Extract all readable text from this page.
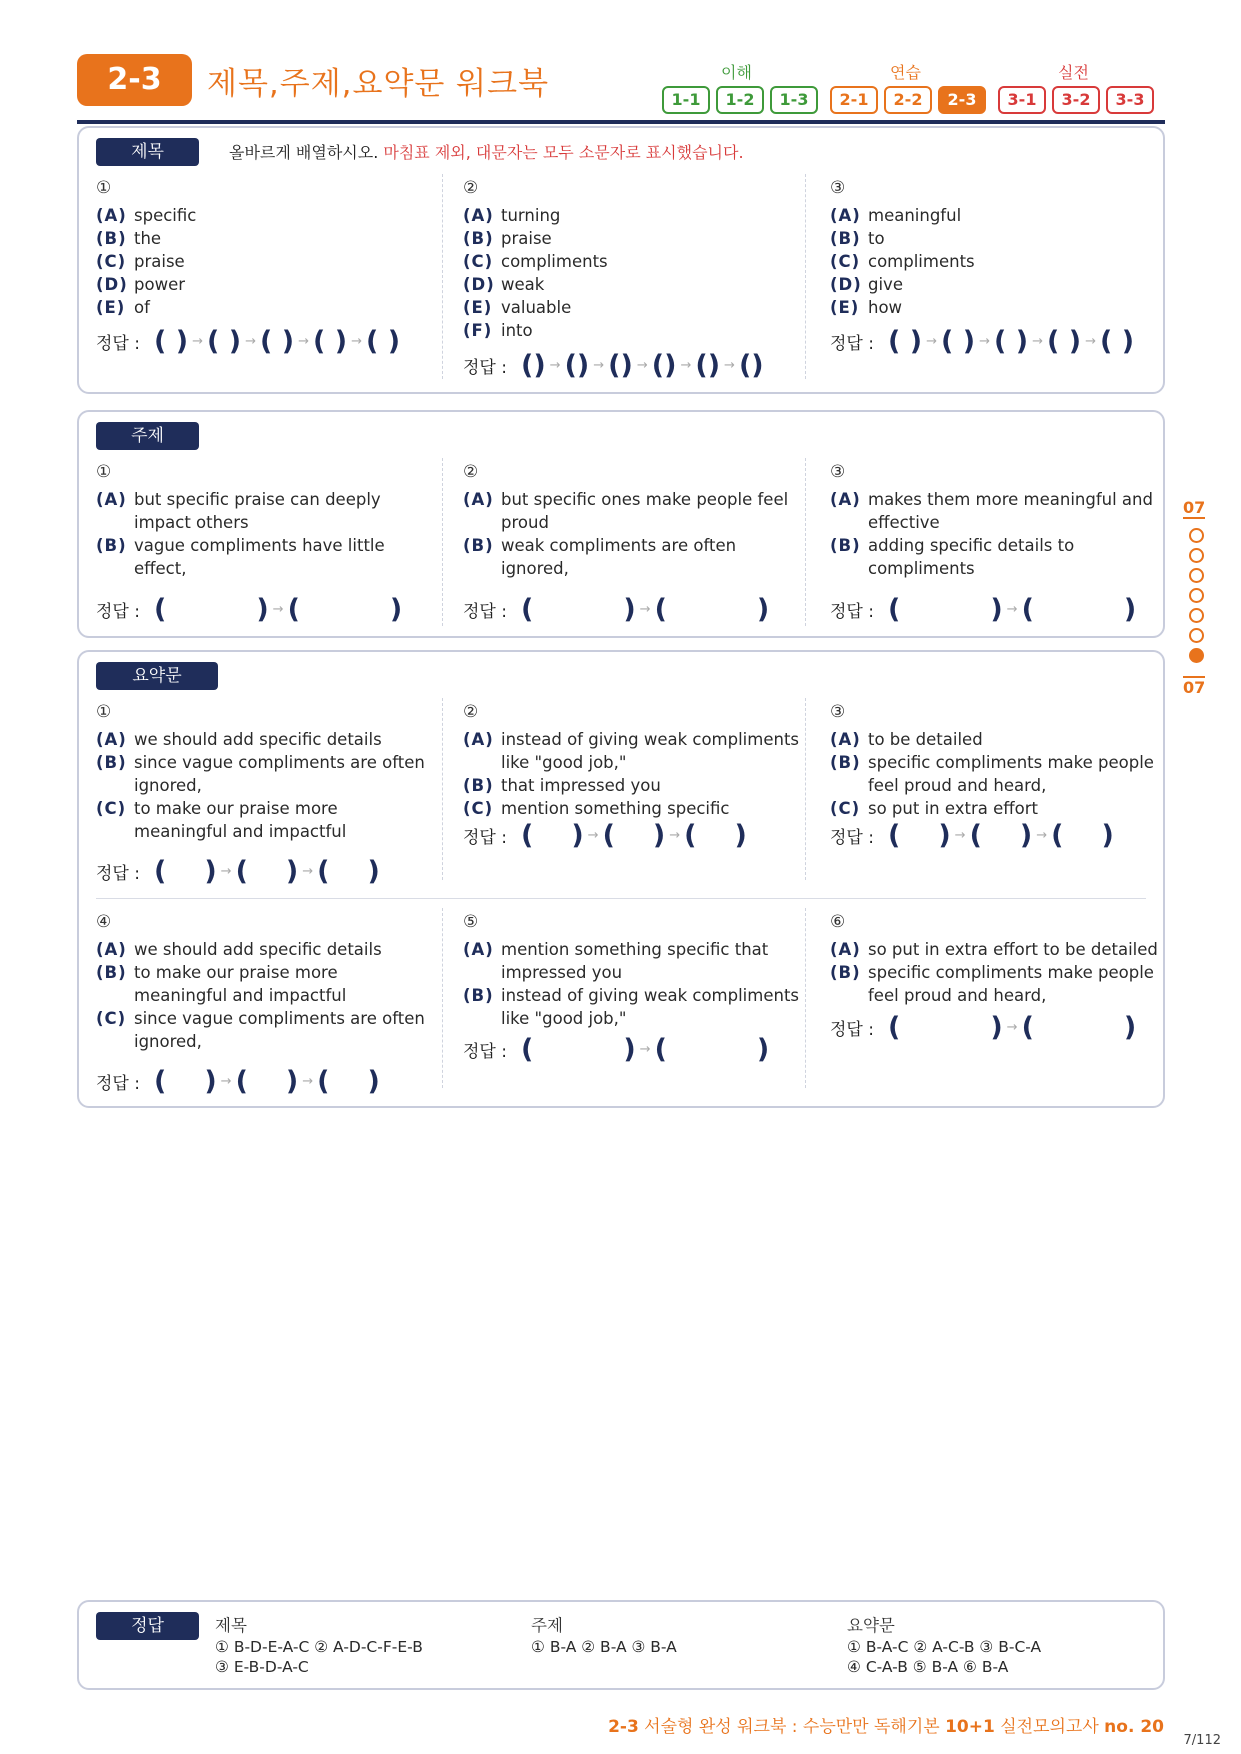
2-3	제목,주제,요약문 워크북	이해	연습	실전
1-1	1-2	1-3	2-1	2-2	2-3	3-1	3-2	3-3
제목	올바르게 배열하시오. 마침표 제외, 대문자는 모두 소문자로 표시했습니다.
①
(A) specific
(B) the
(C) praise
(D) power
(E) of
정답 : ( ) → ( ) → ( ) → ( ) → ( )
②
(A) turning
(B) praise
(C) compliments
(D) weak
(E) valuable
(F) into
정답 : () → () → () → () → () → ()
③
(A) meaningful
(B) to
(C) compliments
(D) give
(E) how
정답 : ( ) → ( ) → ( ) → ( ) → ( )
주제
①
(A) but specific praise can deeply impact others
(B) vague compliments have little effect,
정답 : (	) → (	)
②
(A) but specific ones make people feel proud
(B) weak compliments are often ignored,
정답 : (	) → (	)
③
(A) makes them more meaningful and effective
(B) adding specific details to compliments
정답 : (	) → (	)
요약문
①
(A) we should add specific details
(B) since vague compliments are often ignored,
(C) to make our praise more meaningful and impactful
정답 : ( ) → ( ) → ( )
②
(A) instead of giving weak compliments like "good job,"
(B) that impressed you
(C) mention something specific
정답 : ( ) → ( ) → ( )
③
(A) to be detailed
(B) specific compliments make people feel proud and heard,
(C) so put in extra effort
정답 : ( ) → ( ) → ( )
④
(A) we should add specific details
(B) to make our praise more meaningful and impactful
(C) since vague compliments are often ignored,
정답 : ( ) → ( ) → ( )
⑤
(A) mention something specific that impressed you
(B) instead of giving weak compliments like "good job,"
정답 : (	) → (	)
⑥
(A) so put in extra effort to be detailed
(B) specific compliments make people feel proud and heard,
정답 : (	) → (	)
07
07
정답	제목
① B-D-E-A-C ② A-D-C-F-E-B
③ E-B-D-A-C
주제
① B-A ② B-A ③ B-A
요약문
① B-A-C ② A-C-B ③ B-C-A
④ C-A-B ⑤ B-A ⑥ B-A
2-3 서술형 완성 워크북 : 수능만만 독해기본 10+1 실전모의고사 no. 20
7/112
